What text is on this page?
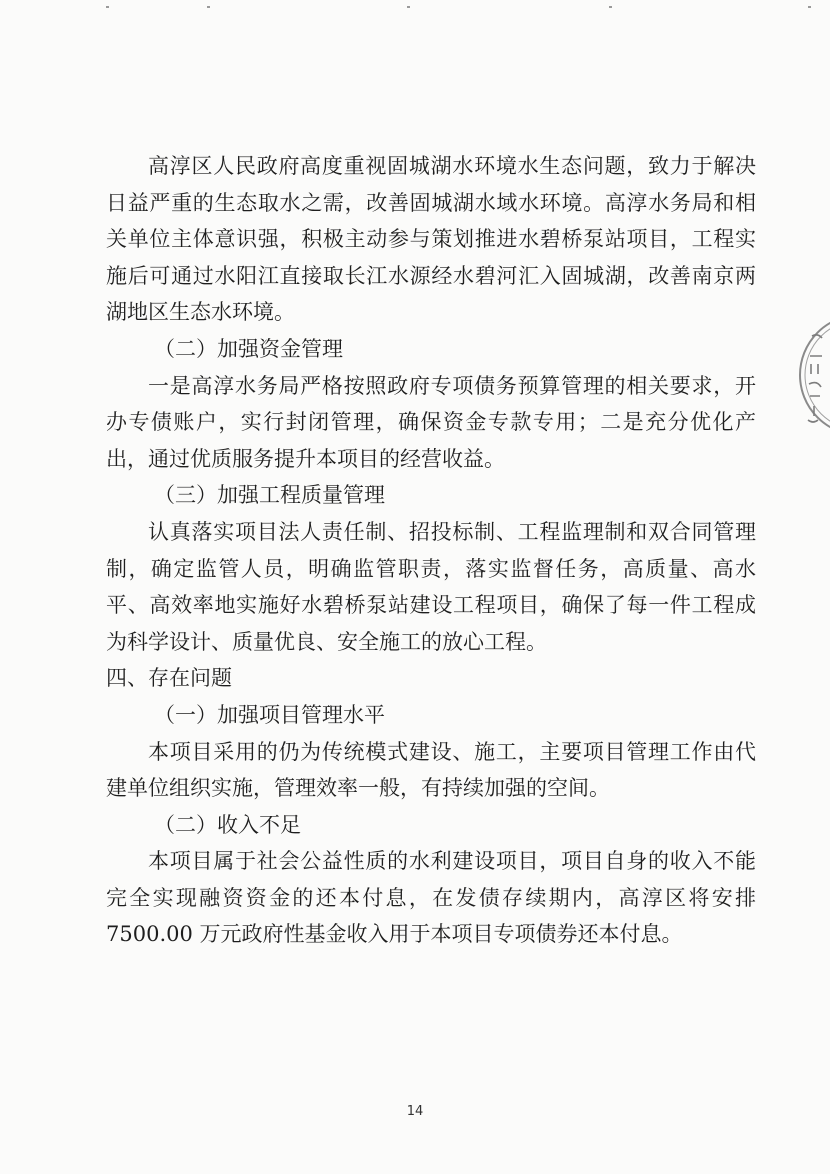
高淳区人民政府高度重视固城湖水环境水生态问题，致力于解决日益严重的生态取水之需，改善固城湖水域水环境。高淳水务局和相关单位主体意识强，积极主动参与策划推进水碧桥泵站项目，工程实施后可通过水阳江直接取长江水源经水碧河汇入固城湖，改善南京两湖地区生态水环境。

（二）加强资金管理

一是高淳水务局严格按照政府专项债务预算管理的相关要求，开办专债账户，实行封闭管理，确保资金专款专用；二是充分优化产出，通过优质服务提升本项目的经营收益。

（三）加强工程质量管理

认真落实项目法人责任制、招投标制、工程监理制和双合同管理制，确定监管人员，明确监管职责，落实监督任务，高质量、高水平、高效率地实施好水碧桥泵站建设工程项目，确保了每一件工程成为科学设计、质量优良、安全施工的放心工程。

四、存在问题

（一）加强项目管理水平

本项目采用的仍为传统模式建设、施工，主要项目管理工作由代建单位组织实施，管理效率一般，有持续加强的空间。

（二）收入不足

本项目属于社会公益性质的水利建设项目，项目自身的收入不能完全实现融资资金的还本付息，在发债存续期内，高淳区将安排7500.00 万元政府性基金收入用于本项目专项债券还本付息。

14
